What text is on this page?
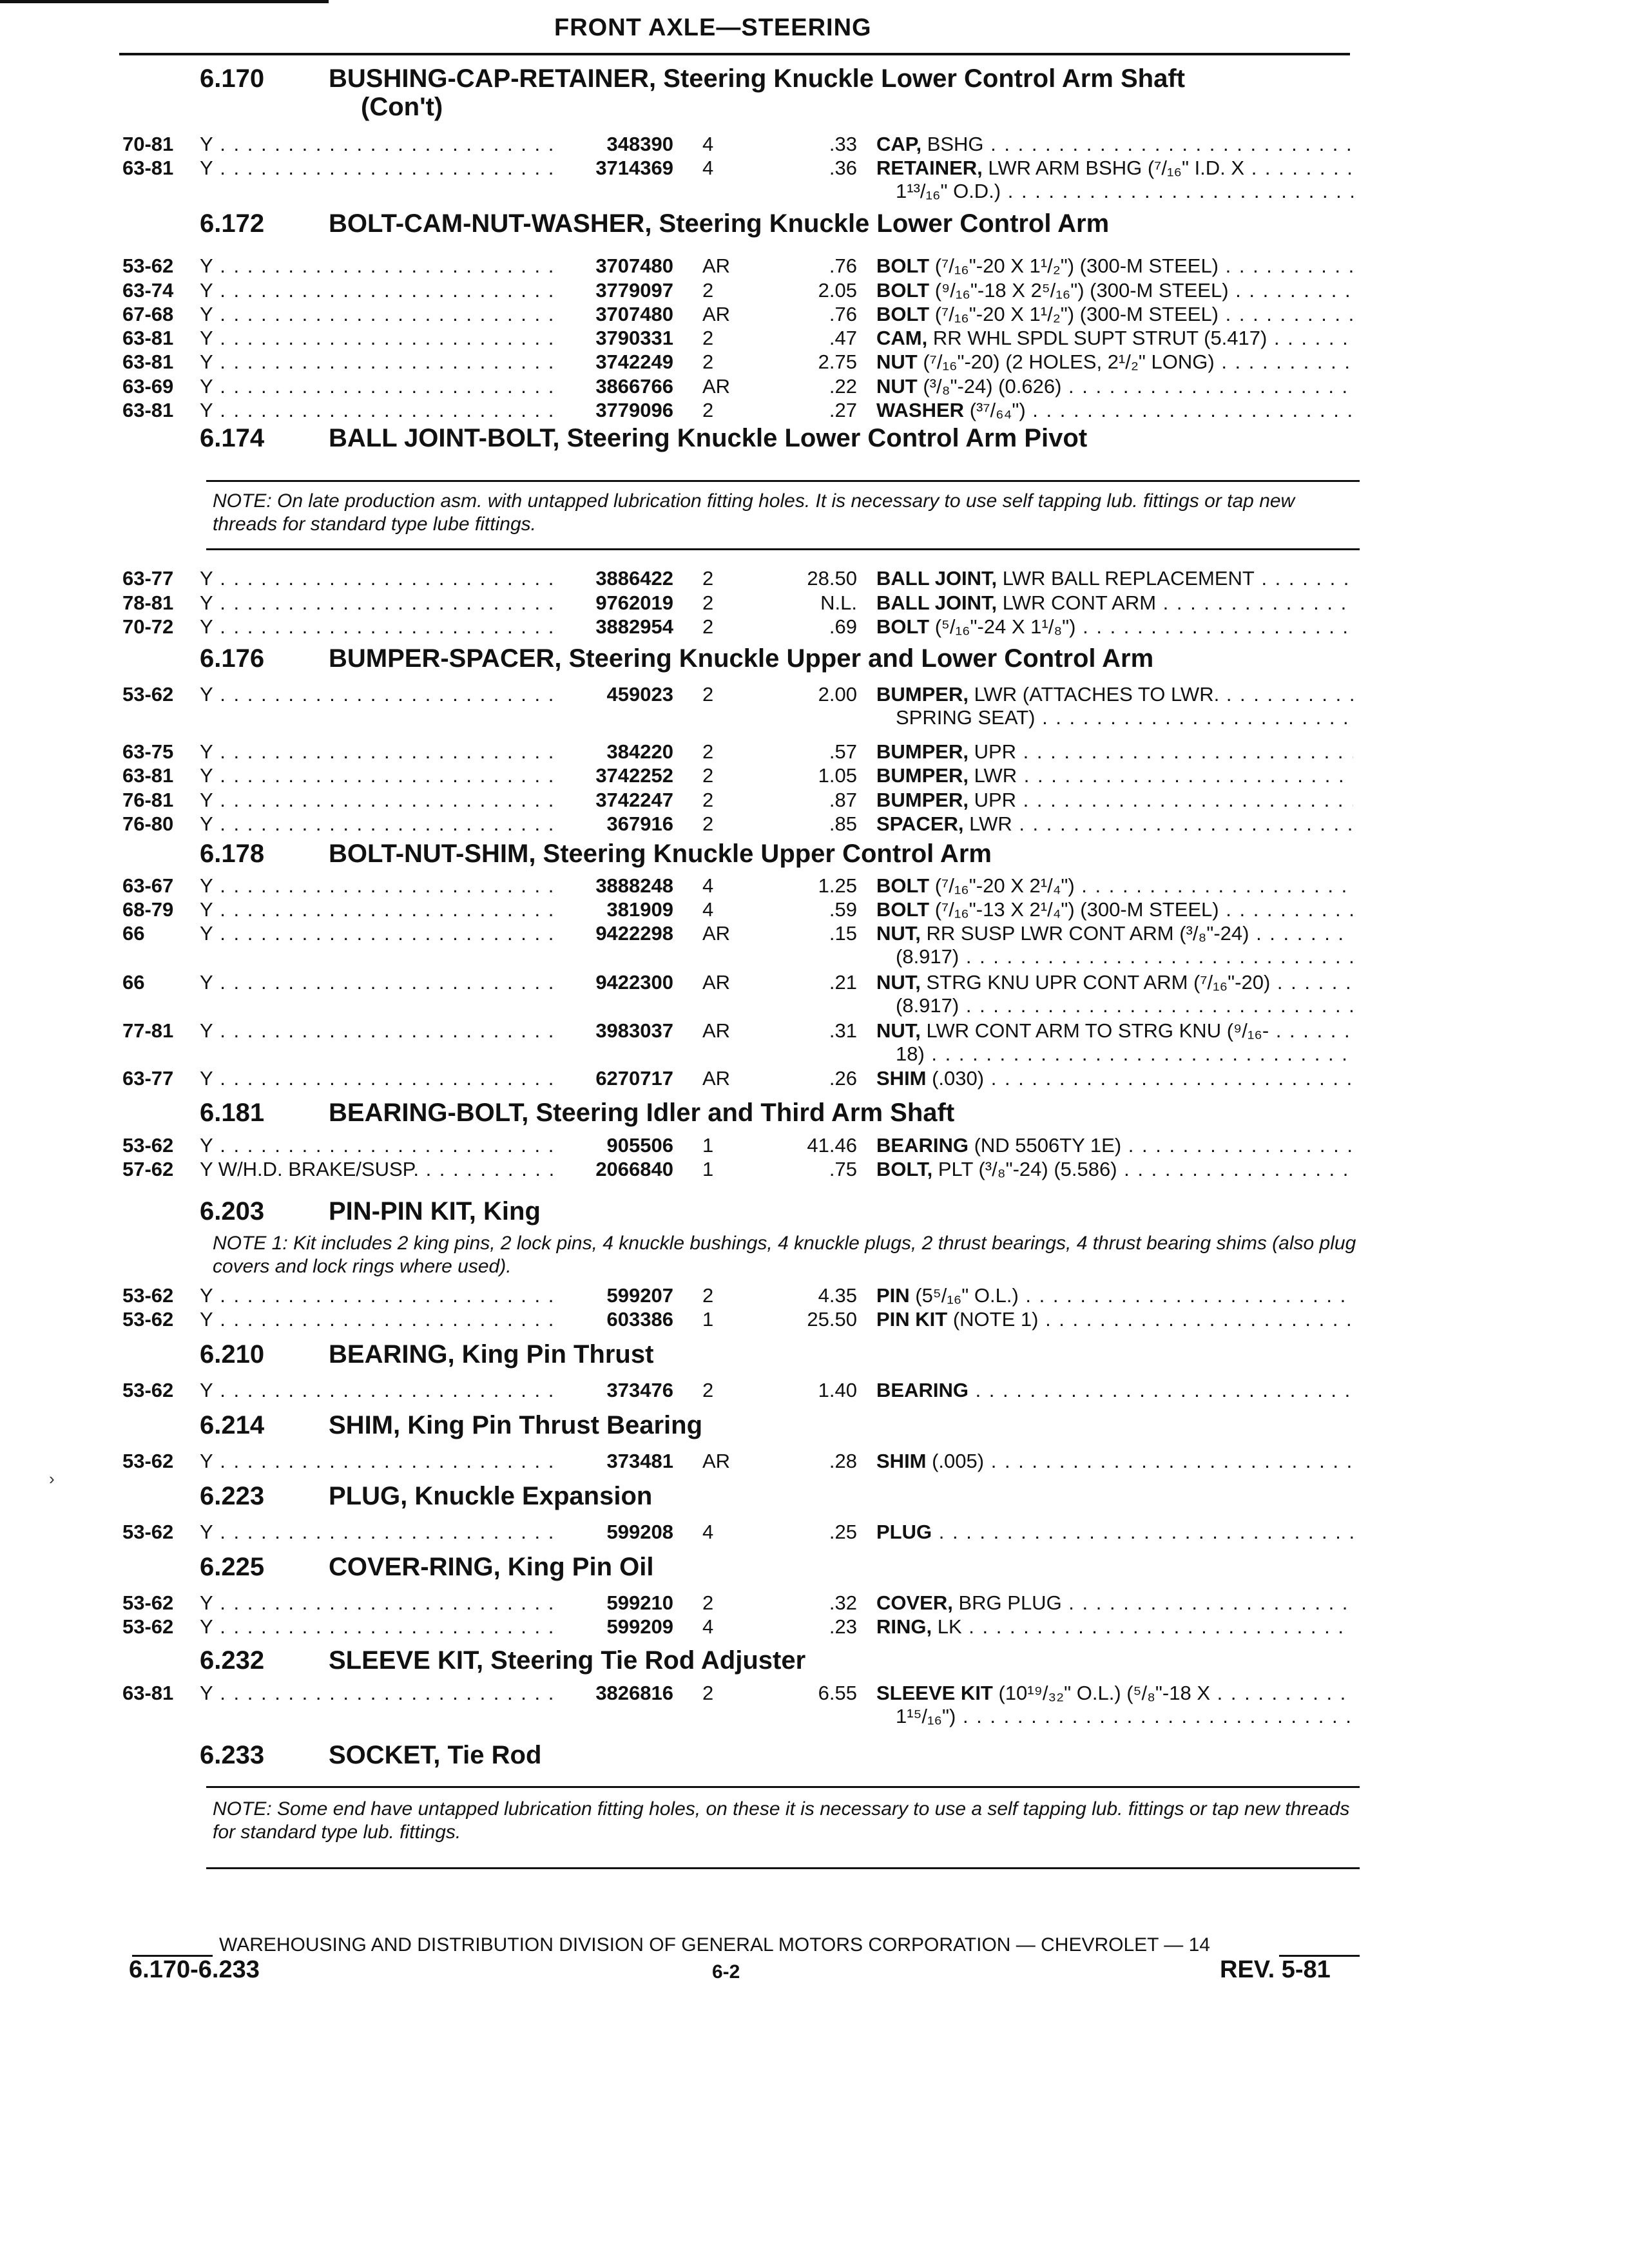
FRONT AXLE—STEERING
6.170 BUSHING-CAP-RETAINER, Steering Knuckle Lower Control Arm Shaft
(Con't)
70-81 Y . . .	348390 4	.33 CAP, BSHG . . .
63-81 Y . . .	3714369 4	.36 RETAINER, LWR ARM BSHG (⁷/₁₆" I.D. X . . .
1¹³/₁₆" O.D.) . . .
6.172 BOLT-CAM-NUT-WASHER, Steering Knuckle Lower Control Arm
53-62 Y . . .	3707480 AR	.76 BOLT (⁷/₁₆"-20 X 1¹/₂") (300-M STEEL) . . .
63-74 Y . . .	3779097 2	2.05 BOLT (⁹/₁₆"-18 X 2⁵/₁₆") (300-M STEEL) . . .
67-68 Y . . .	3707480 AR	.76 BOLT (⁷/₁₆"-20 X 1¹/₂") (300-M STEEL) . . .
63-81 Y . . .	3790331 2	.47 CAM, RR WHL SPDL SUPT STRUT (5.417) . . .
63-81 Y . . .	3742249 2	2.75 NUT (⁷/₁₆"-20) (2 HOLES, 2¹/₂" LONG) . . .
63-69 Y . . .	3866766 AR	.22 NUT (³/₈"-24) (0.626) . . .
63-81 Y . . .	3779096 2	.27 WASHER (³⁷/₆₄") . . .
6.174 BALL JOINT-BOLT, Steering Knuckle Lower Control Arm Pivot
NOTE: On late production asm. with untapped lubrication fitting holes. It is necessary to use self tapping lub. fittings or tap new threads for standard type lube fittings.
63-77 Y . . .	3886422 2	28.50 BALL JOINT, LWR BALL REPLACEMENT . . .
78-81 Y . . .	9762019 2	N.L. BALL JOINT, LWR CONT ARM . . .
70-72 Y . . .	3882954 2	.69 BOLT (⁵/₁₆"-24 X 1¹/₈") . . .
6.176 BUMPER-SPACER, Steering Knuckle Upper and Lower Control Arm
53-62 Y . . .	459023 2	2.00 BUMPER, LWR (ATTACHES TO LWR. . . .
SPRING SEAT) . . .
63-75 Y . . .	384220 2	.57 BUMPER, UPR . . .
63-81 Y . . .	3742252 2	1.05 BUMPER, LWR . . .
76-81 Y . . .	3742247 2	.87 BUMPER, UPR . . .
76-80 Y . . .	367916 2	.85 SPACER, LWR . . .
6.178 BOLT-NUT-SHIM, Steering Knuckle Upper Control Arm
63-67 Y . . .	3888248 4	1.25 BOLT (⁷/₁₆"-20 X 2¹/₄") . . .
68-79 Y . . .	381909 4	.59 BOLT (⁷/₁₆"-13 X 2¹/₄") (300-M STEEL) . . .
66	Y . . .	9422298 AR	.15 NUT, RR SUSP LWR CONT ARM (³/₈"-24) . . .
(8.917) . . .
66	Y . . .	9422300 AR	.21 NUT, STRG KNU UPR CONT ARM (⁷/₁₆"-20) . . .
(8.917) . . .
77-81 Y . . .	3983037 AR	.31 NUT, LWR CONT ARM TO STRG KNU (⁹/₁₆- . . .
18) . . .
63-77 Y . . .	6270717 AR	.26 SHIM (.030) . . .
6.181 BEARING-BOLT, Steering Idler and Third Arm Shaft
53-62 Y . . .	905506 1	41.46 BEARING (ND 5506TY 1E) . . .
57-62 Y W/H.D. BRAKE/SUSP. . . .	2066840 1	.75 BOLT, PLT (³/₈"-24) (5.586) . . .
6.203 PIN-PIN KIT, King
NOTE 1: Kit includes 2 king pins, 2 lock pins, 4 knuckle bushings, 4 knuckle plugs, 2 thrust bearings, 4 thrust bearing shims (also plug covers and lock rings where used).
53-62 Y . . .	599207 2	4.35 PIN (5⁵/₁₆" O.L.) . . .
53-62 Y . . .	603386 1	25.50 PIN KIT (NOTE 1) . . .
6.210 BEARING, King Pin Thrust
53-62 Y . . .	373476 2	1.40 BEARING . . .
6.214 SHIM, King Pin Thrust Bearing
53-62 Y . . .	373481 AR	.28 SHIM (.005) . . .
6.223 PLUG, Knuckle Expansion
53-62 Y . . .	599208 4	.25 PLUG . . .
6.225 COVER-RING, King Pin Oil
53-62 Y . . .	599210 2	.32 COVER, BRG PLUG . . .
53-62 Y . . .	599209 4	.23 RING, LK . . .
6.232 SLEEVE KIT, Steering Tie Rod Adjuster
63-81 Y . . .	3826816 2	6.55 SLEEVE KIT (10¹⁹/₃₂" O.L.) (⁵/₈"-18 X . . .
1¹⁵/₁₆") . . .
6.233 SOCKET, Tie Rod
NOTE: Some end have untapped lubrication fitting holes, on these it is necessary to use a self tapping lub. fittings or tap new threads for standard type lub. fittings.
WAREHOUSING AND DISTRIBUTION DIVISION OF GENERAL MOTORS CORPORATION — CHEVROLET — 14
6.170-6.233	6-2	REV. 5-81
›
